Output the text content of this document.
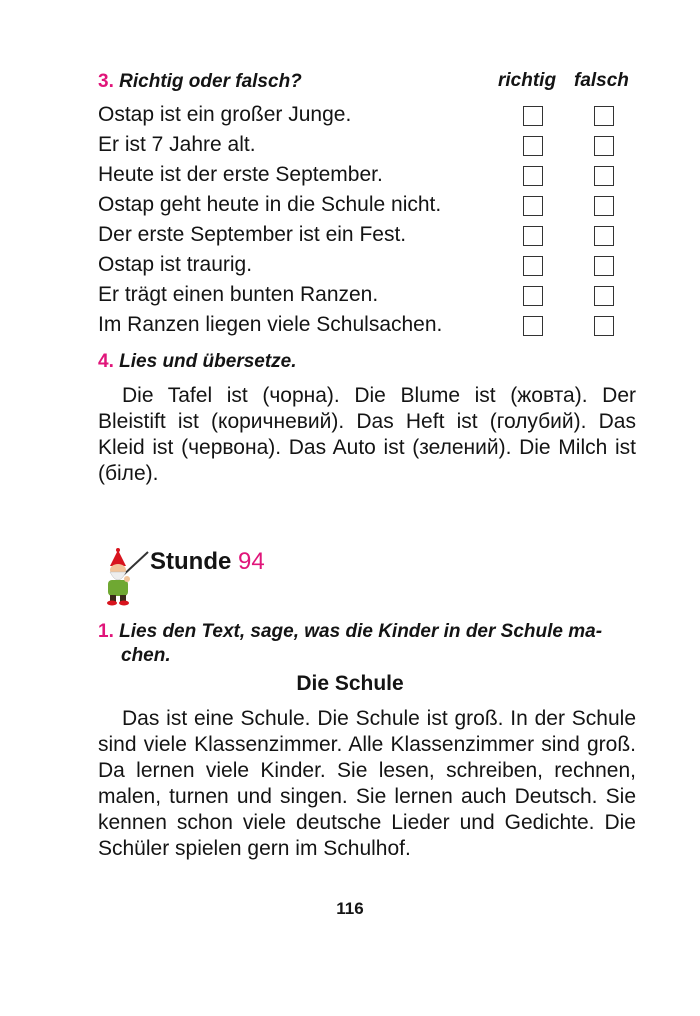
3. Richtig oder falsch?	richtig falsch
Ostap ist ein großer Junge.
Er ist 7 Jahre alt.
Heute ist der erste September.
Ostap geht heute in die Schule nicht.
Der erste September ist ein Fest.
Ostap ist traurig.
Er trägt einen bunten Ranzen.
Im Ranzen liegen viele Schulsachen.
4. Lies und übersetze.

Die Tafel ist (чорна). Die Blume ist (жовта). Der Bleistift ist (коричневий). Das Heft ist (голубий). Das Kleid ist (червона). Das Auto ist (зелений). Die Milch ist (біле).

Stunde 94
1. Lies den Text, sage, was die Kinder in der Schule ma-
chen.
Die Schule

Das ist eine Schule. Die Schule ist groß. In der Schule sind viele Klassenzimmer. Alle Klassenzimmer sind groß. Da lernen viele Kinder. Sie lesen, schreiben, rechnen, malen, turnen und singen. Sie lernen auch Deutsch. Sie kennen schon viele deutsche Lieder und Gedichte. Die Schüler spielen gern im Schulhof.

116
